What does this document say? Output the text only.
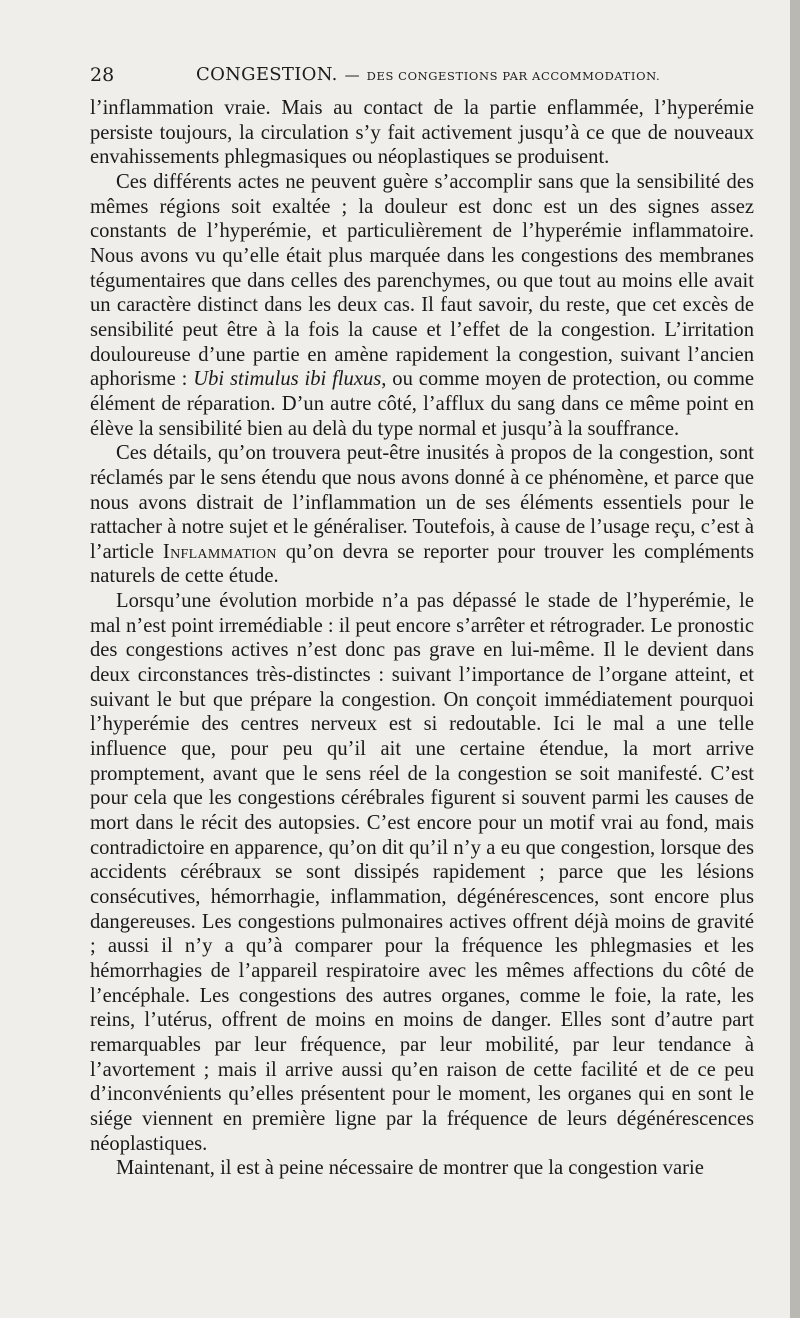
28	CONGESTION. — DES CONGESTIONS PAR ACCOMMODATION.

l’inflammation vraie. Mais au contact de la partie enflammée, l’hyperémie persiste toujours, la circulation s’y fait activement jusqu’à ce que de nouveaux envahissements phlegmasiques ou néoplastiques se produisent.

Ces différents actes ne peuvent guère s’accomplir sans que la sensibilité des mêmes régions soit exaltée ; la douleur est donc est un des signes assez constants de l’hyperémie, et particulièrement de l’hyperémie inflammatoire. Nous avons vu qu’elle était plus marquée dans les congestions des membranes tégumentaires que dans celles des parenchymes, ou que tout au moins elle avait un caractère distinct dans les deux cas. Il faut savoir, du reste, que cet excès de sensibilité peut être à la fois la cause et l’effet de la congestion. L’irritation douloureuse d’une partie en amène rapidement la congestion, suivant l’ancien aphorisme : Ubi stimulus ibi fluxus, ou comme moyen de protection, ou comme élément de réparation. D’un autre côté, l’afflux du sang dans ce même point en élève la sensibilité bien au delà du type normal et jusqu’à la souffrance.

Ces détails, qu’on trouvera peut-être inusités à propos de la congestion, sont réclamés par le sens étendu que nous avons donné à ce phénomène, et parce que nous avons distrait de l’inflammation un de ses éléments essentiels pour le rattacher à notre sujet et le généraliser. Toutefois, à cause de l’usage reçu, c’est à l’article Inflammation qu’on devra se reporter pour trouver les compléments naturels de cette étude.

Lorsqu’une évolution morbide n’a pas dépassé le stade de l’hyperémie, le mal n’est point irremédiable : il peut encore s’arrêter et rétrograder. Le pronostic des congestions actives n’est donc pas grave en lui-même. Il le devient dans deux circonstances très-distinctes : suivant l’importance de l’organe atteint, et suivant le but que prépare la congestion. On conçoit immédiatement pourquoi l’hyperémie des centres nerveux est si redoutable. Ici le mal a une telle influence que, pour peu qu’il ait une certaine étendue, la mort arrive promptement, avant que le sens réel de la congestion se soit manifesté. C’est pour cela que les congestions cérébrales figurent si souvent parmi les causes de mort dans le récit des autopsies. C’est encore pour un motif vrai au fond, mais contradictoire en apparence, qu’on dit qu’il n’y a eu que congestion, lorsque des accidents cérébraux se sont dissipés rapidement ; parce que les lésions consécutives, hémorrhagie, inflammation, dégénérescences, sont encore plus dangereuses. Les congestions pulmonaires actives offrent déjà moins de gravité ; aussi il n’y a qu’à comparer pour la fréquence les phlegmasies et les hémorrhagies de l’appareil respiratoire avec les mêmes affections du côté de l’encéphale. Les congestions des autres organes, comme le foie, la rate, les reins, l’utérus, offrent de moins en moins de danger. Elles sont d’autre part remarquables par leur fréquence, par leur mobilité, par leur tendance à l’avortement ; mais il arrive aussi qu’en raison de cette facilité et de ce peu d’inconvénients qu’elles présentent pour le moment, les organes qui en sont le siége viennent en première ligne par la fréquence de leurs dégénérescences néoplastiques.

Maintenant, il est à peine nécessaire de montrer que la congestion varie
